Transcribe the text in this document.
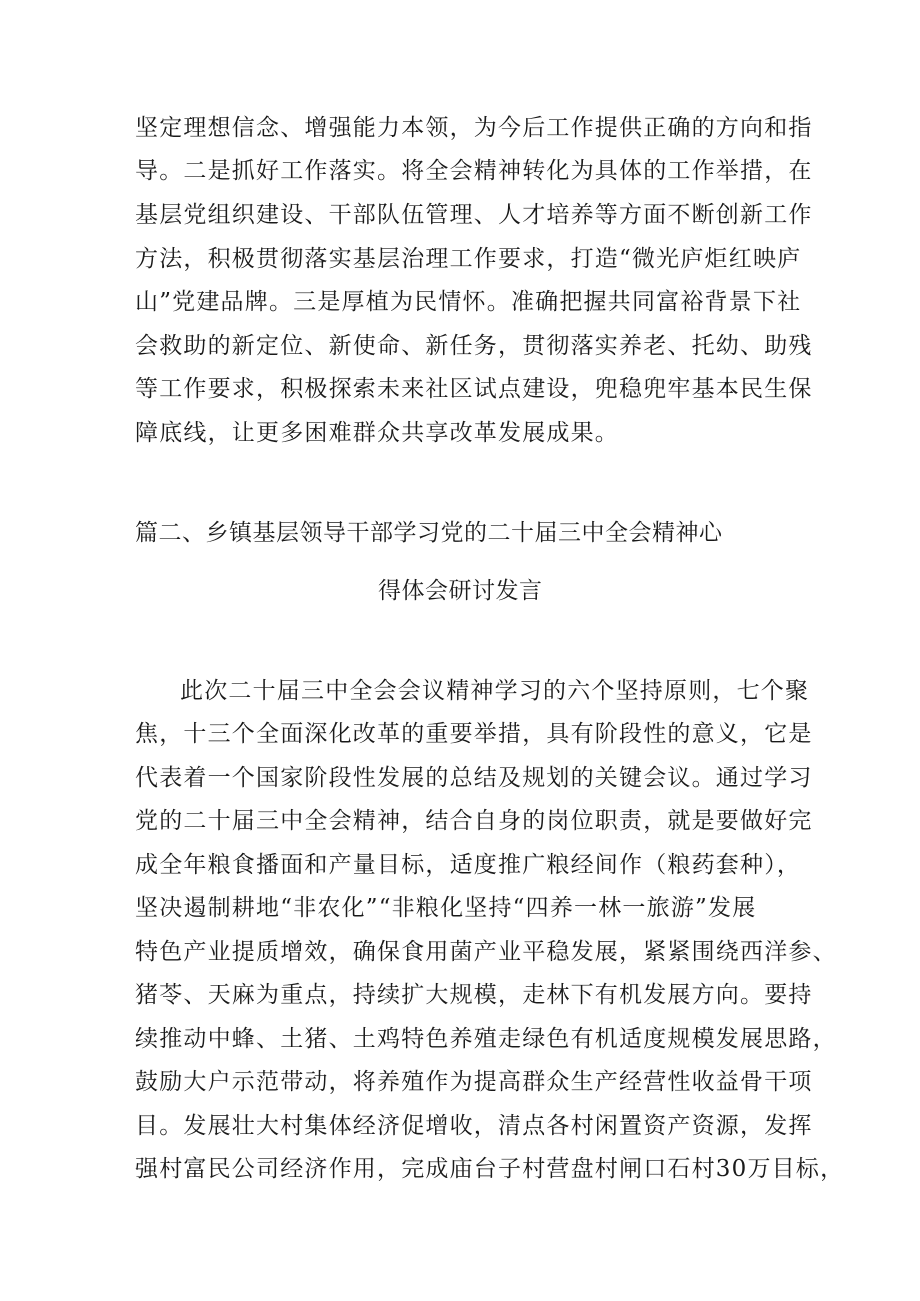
坚定理想信念、增强能力本领，为今后工作提供正确的方向和指
导。二是抓好工作落实。将全会精神转化为具体的工作举措，在
基层党组织建设、干部队伍管理、人才培养等方面不断创新工作
方法，积极贯彻落实基层治理工作要求，打造“微光庐炬红映庐
山”党建品牌。三是厚植为民情怀。准确把握共同富裕背景下社
会救助的新定位、新使命、新任务，贯彻落实养老、托幼、助残
等工作要求，积极探索未来社区试点建设，兜稳兜牢基本民生保
障底线，让更多困难群众共享改革发展成果。
篇二、乡镇基层领导干部学习党的二十届三中全会精神心
得体会研讨发言
此次二十届三中全会会议精神学习的六个坚持原则，七个聚
焦，十三个全面深化改革的重要举措，具有阶段性的意义，它是
代表着一个国家阶段性发展的总结及规划的关键会议。通过学习
党的二十届三中全会精神，结合自身的岗位职责，就是要做好完
成全年粮食播面和产量目标，适度推广粮经间作（粮药套种），
坚决遏制耕地“非农化”“非粮化坚持“四养一林一旅游”发展
特色产业提质增效，确保食用菌产业平稳发展，紧紧围绕西洋参、
猪苓、天麻为重点，持续扩大规模，走林下有机发展方向。要持
续推动中蜂、土猪、土鸡特色养殖走绿色有机适度规模发展思路，
鼓励大户示范带动，将养殖作为提高群众生产经营性收益骨干项
目。发展壮大村集体经济促增收，清点各村闲置资产资源，发挥
强村富民公司经济作用，完成庙台子村营盘村闸口石村30万目标，
